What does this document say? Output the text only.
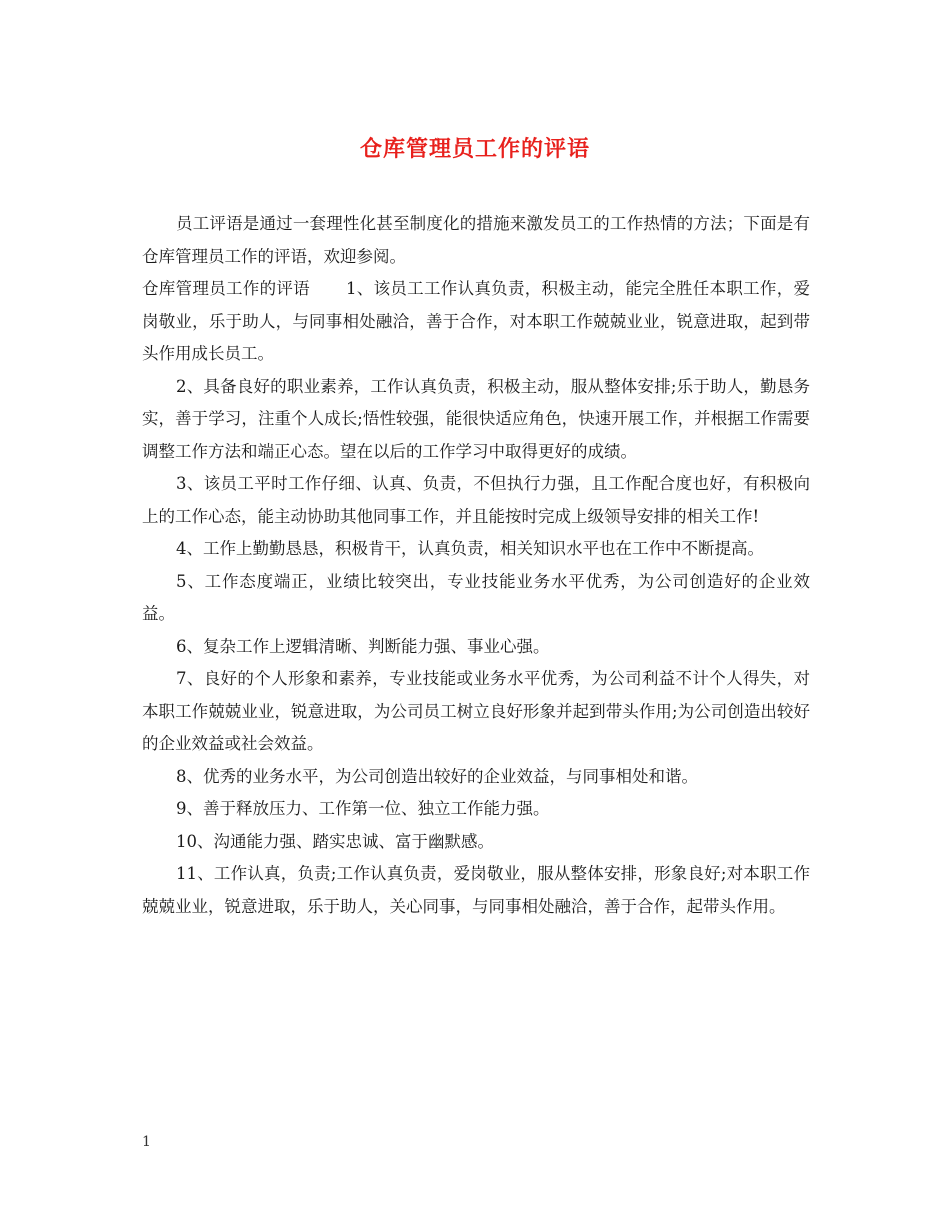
仓库管理员工作的评语

员工评语是通过一套理性化甚至制度化的措施来激发员工的工作热情的方法；下面是有仓库管理员工作的评语，欢迎参阅。

仓库管理员工作的评语 1、该员工工作认真负责，积极主动，能完全胜任本职工作，爱岗敬业，乐于助人，与同事相处融洽，善于合作，对本职工作兢兢业业，锐意进取，起到带头作用成长员工。

2、具备良好的职业素养，工作认真负责，积极主动，服从整体安排;乐于助人，勤恳务实，善于学习，注重个人成长;悟性较强，能很快适应角色，快速开展工作，并根据工作需要调整工作方法和端正心态。望在以后的工作学习中取得更好的成绩。

3、该员工平时工作仔细、认真、负责，不但执行力强，且工作配合度也好，有积极向上的工作心态，能主动协助其他同事工作，并且能按时完成上级领导安排的相关工作!

4、工作上勤勤恳恳，积极肯干，认真负责，相关知识水平也在工作中不断提高。

5、工作态度端正，业绩比较突出，专业技能业务水平优秀，为公司创造好的企业效益。

6、复杂工作上逻辑清晰、判断能力强、事业心强。

7、良好的个人形象和素养，专业技能或业务水平优秀，为公司利益不计个人得失，对本职工作兢兢业业，锐意进取，为公司员工树立良好形象并起到带头作用;为公司创造出较好的企业效益或社会效益。

8、优秀的业务水平，为公司创造出较好的企业效益，与同事相处和谐。

9、善于释放压力、工作第一位、独立工作能力强。

10、沟通能力强、踏实忠诚、富于幽默感。

11、工作认真，负责;工作认真负责，爱岗敬业，服从整体安排，形象良好;对本职工作兢兢业业，锐意进取，乐于助人，关心同事，与同事相处融洽，善于合作，起带头作用。

1
